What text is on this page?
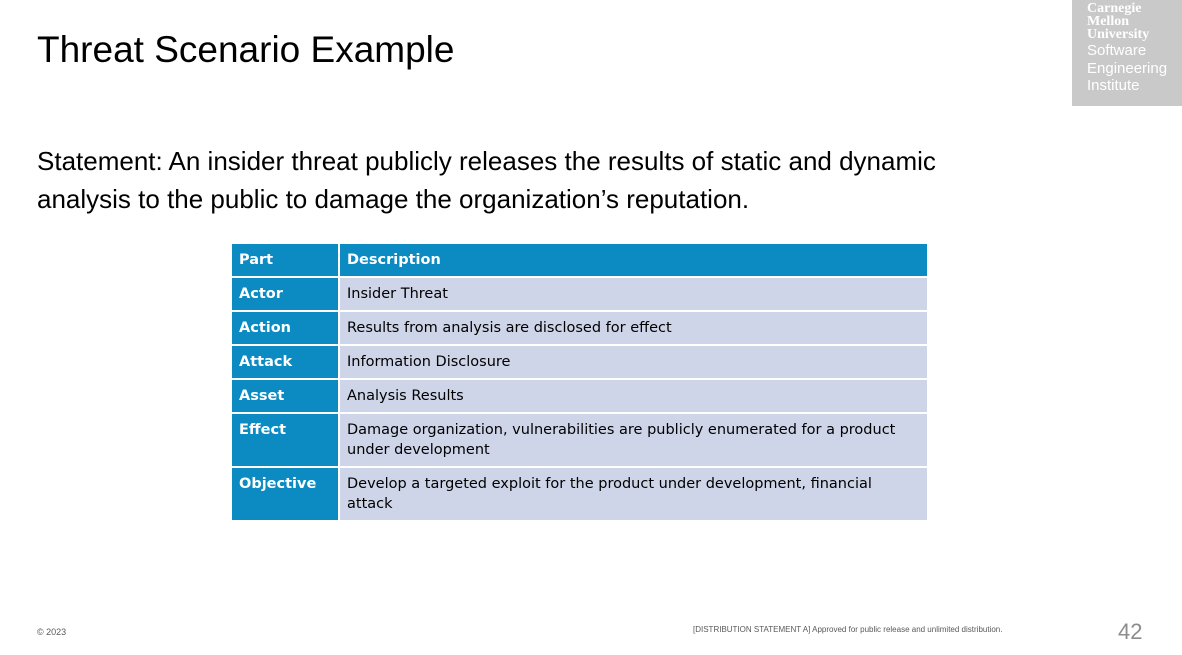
Threat Scenario Example
Carnegie
Mellon
University
Software
Engineering
Institute

Statement: An insider threat publicly releases the results of static and dynamic analysis to the public to damage the organization’s reputation.

Part	Description
Actor	Insider Threat
Action	Results from analysis are disclosed for effect
Attack	Information Disclosure
Asset	Analysis Results
Effect	Damage organization, vulnerabilities are publicly enumerated for a product under development
Objective	Develop a targeted exploit for the product under development, financial attack
© 2023	[DISTRIBUTION STATEMENT A] Approved for public release and unlimited distribution.	42
